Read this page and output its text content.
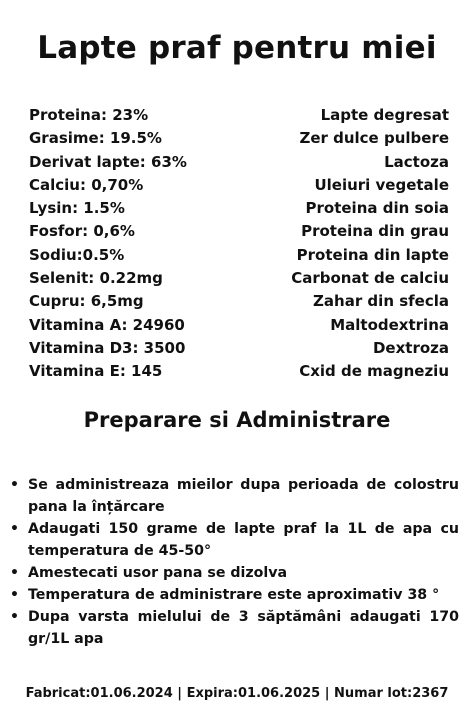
Lapte praf pentru miei
Proteina: 23%	Lapte degresat
Grasime: 19.5%	Zer dulce pulbere
Derivat lapte: 63%	Lactoza
Calciu: 0,70%	Uleiuri vegetale
Lysin: 1.5%	Proteina din soia
Fosfor: 0,6%	Proteina din grau
Sodiu:0.5%	Proteina din lapte
Selenit: 0.22mg	Carbonat de calciu
Cupru: 6,5mg	Zahar din sfecla
Vitamina A: 24960	Maltodextrina
Vitamina D3: 3500	Dextroza
Vitamina E: 145	Cxid de magneziu
Preparare si Administrare
• Se administreaza mieilor dupa perioada de colostru pana la înțărcare
• Adaugati 150 grame de lapte praf la 1L de apa cu temperatura de 45-50°
• Amestecati usor pana se dizolva
• Temperatura de administrare este aproximativ 38 °
• Dupa varsta mielului de 3 săptămâni adaugati 170 gr/1L apa
Fabricat:01.06.2024 | Expira:01.06.2025 | Numar lot:2367
